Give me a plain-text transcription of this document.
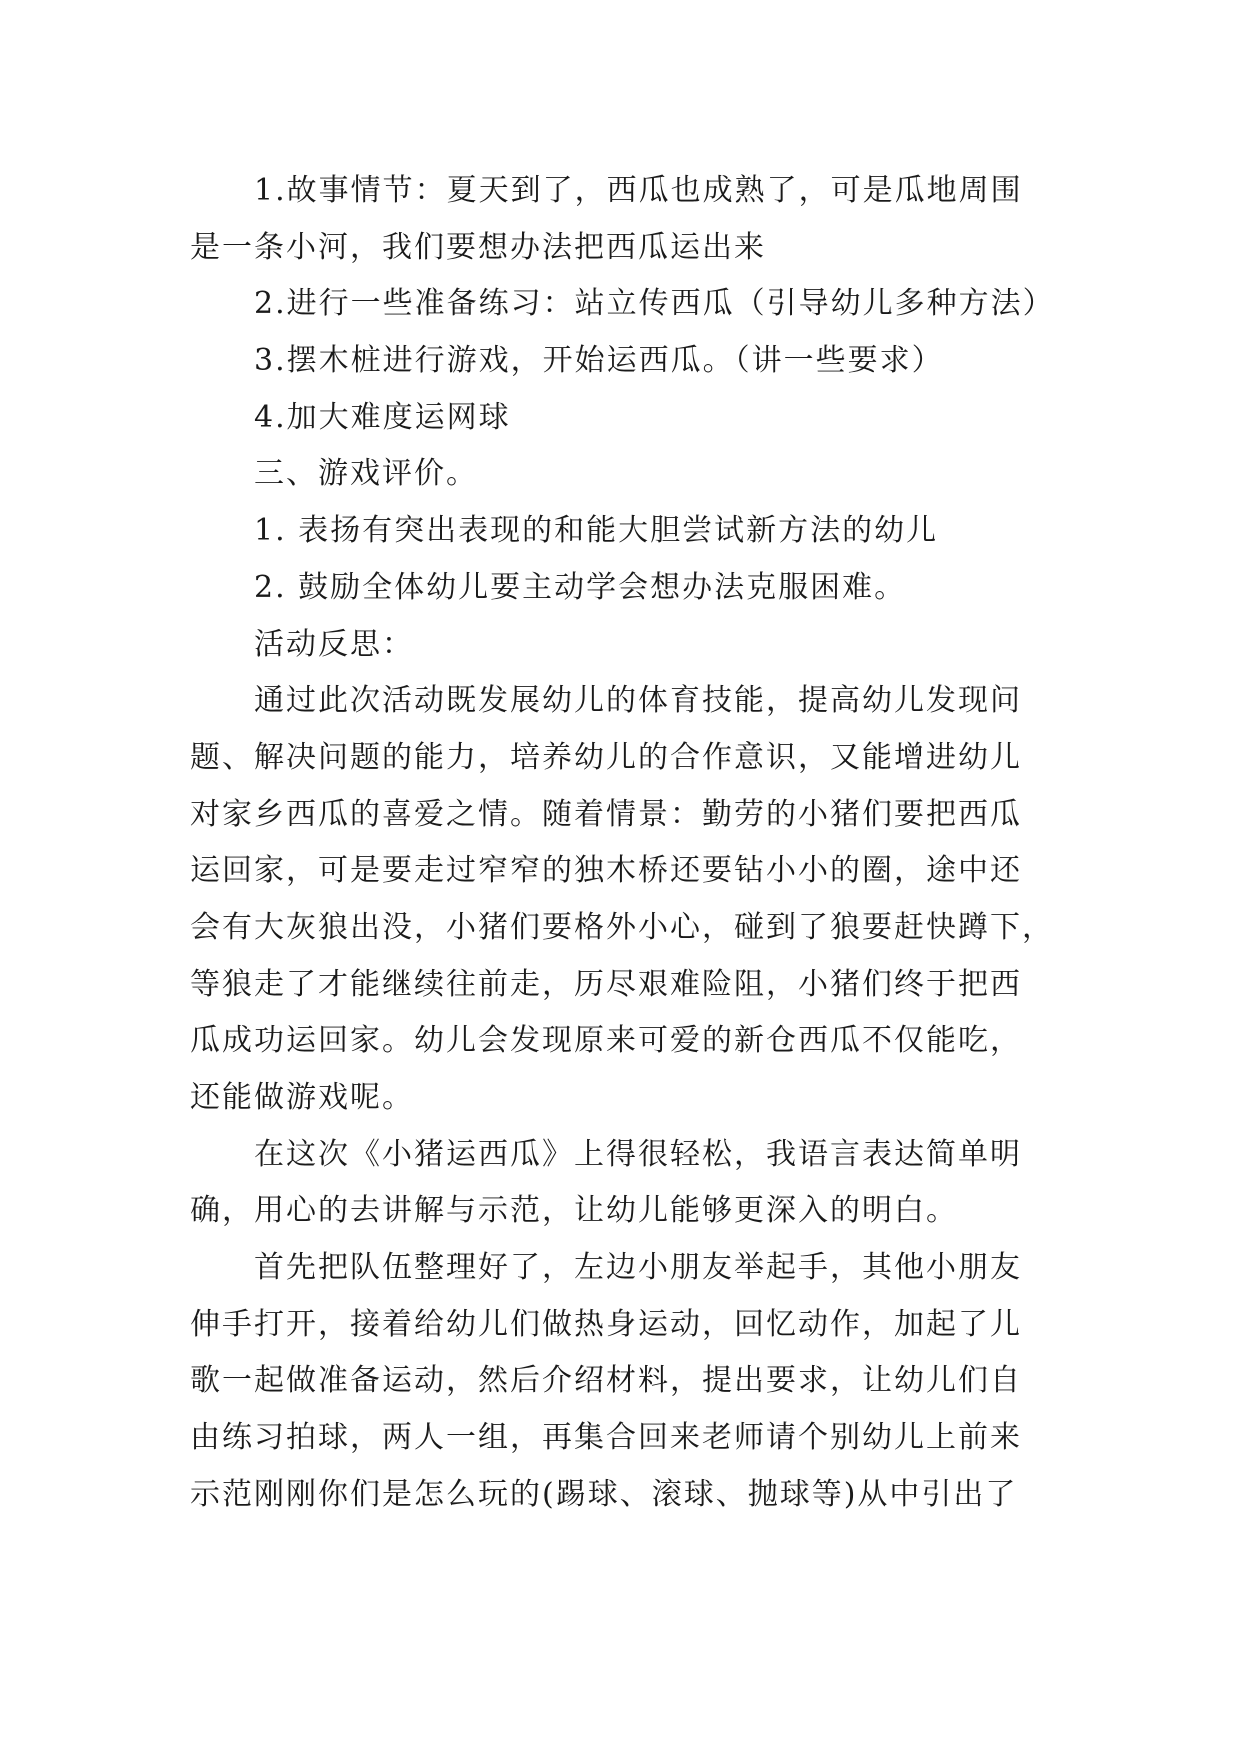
1.故事情节：夏天到了，西瓜也成熟了，可是瓜地周围
是一条小河，我们要想办法把西瓜运出来
2.进行一些准备练习：站立传西瓜（引导幼儿多种方法）
3.摆木桩进行游戏，开始运西瓜。（讲一些要求）
4.加大难度运网球
三、游戏评价。
1. 表扬有突出表现的和能大胆尝试新方法的幼儿
2. 鼓励全体幼儿要主动学会想办法克服困难。
活动反思：
通过此次活动既发展幼儿的体育技能，提高幼儿发现问
题、解决问题的能力，培养幼儿的合作意识，又能增进幼儿
对家乡西瓜的喜爱之情。随着情景：勤劳的小猪们要把西瓜
运回家，可是要走过窄窄的独木桥还要钻小小的圈，途中还
会有大灰狼出没，小猪们要格外小心，碰到了狼要赶快蹲下，
等狼走了才能继续往前走，历尽艰难险阻，小猪们终于把西
瓜成功运回家。幼儿会发现原来可爱的新仓西瓜不仅能吃，
还能做游戏呢。
在这次《小猪运西瓜》上得很轻松，我语言表达简单明
确，用心的去讲解与示范，让幼儿能够更深入的明白。
首先把队伍整理好了，左边小朋友举起手，其他小朋友
伸手打开，接着给幼儿们做热身运动，回忆动作，加起了儿
歌一起做准备运动，然后介绍材料，提出要求，让幼儿们自
由练习拍球，两人一组，再集合回来老师请个别幼儿上前来
示范刚刚你们是怎么玩的(踢球、滚球、抛球等)从中引出了
